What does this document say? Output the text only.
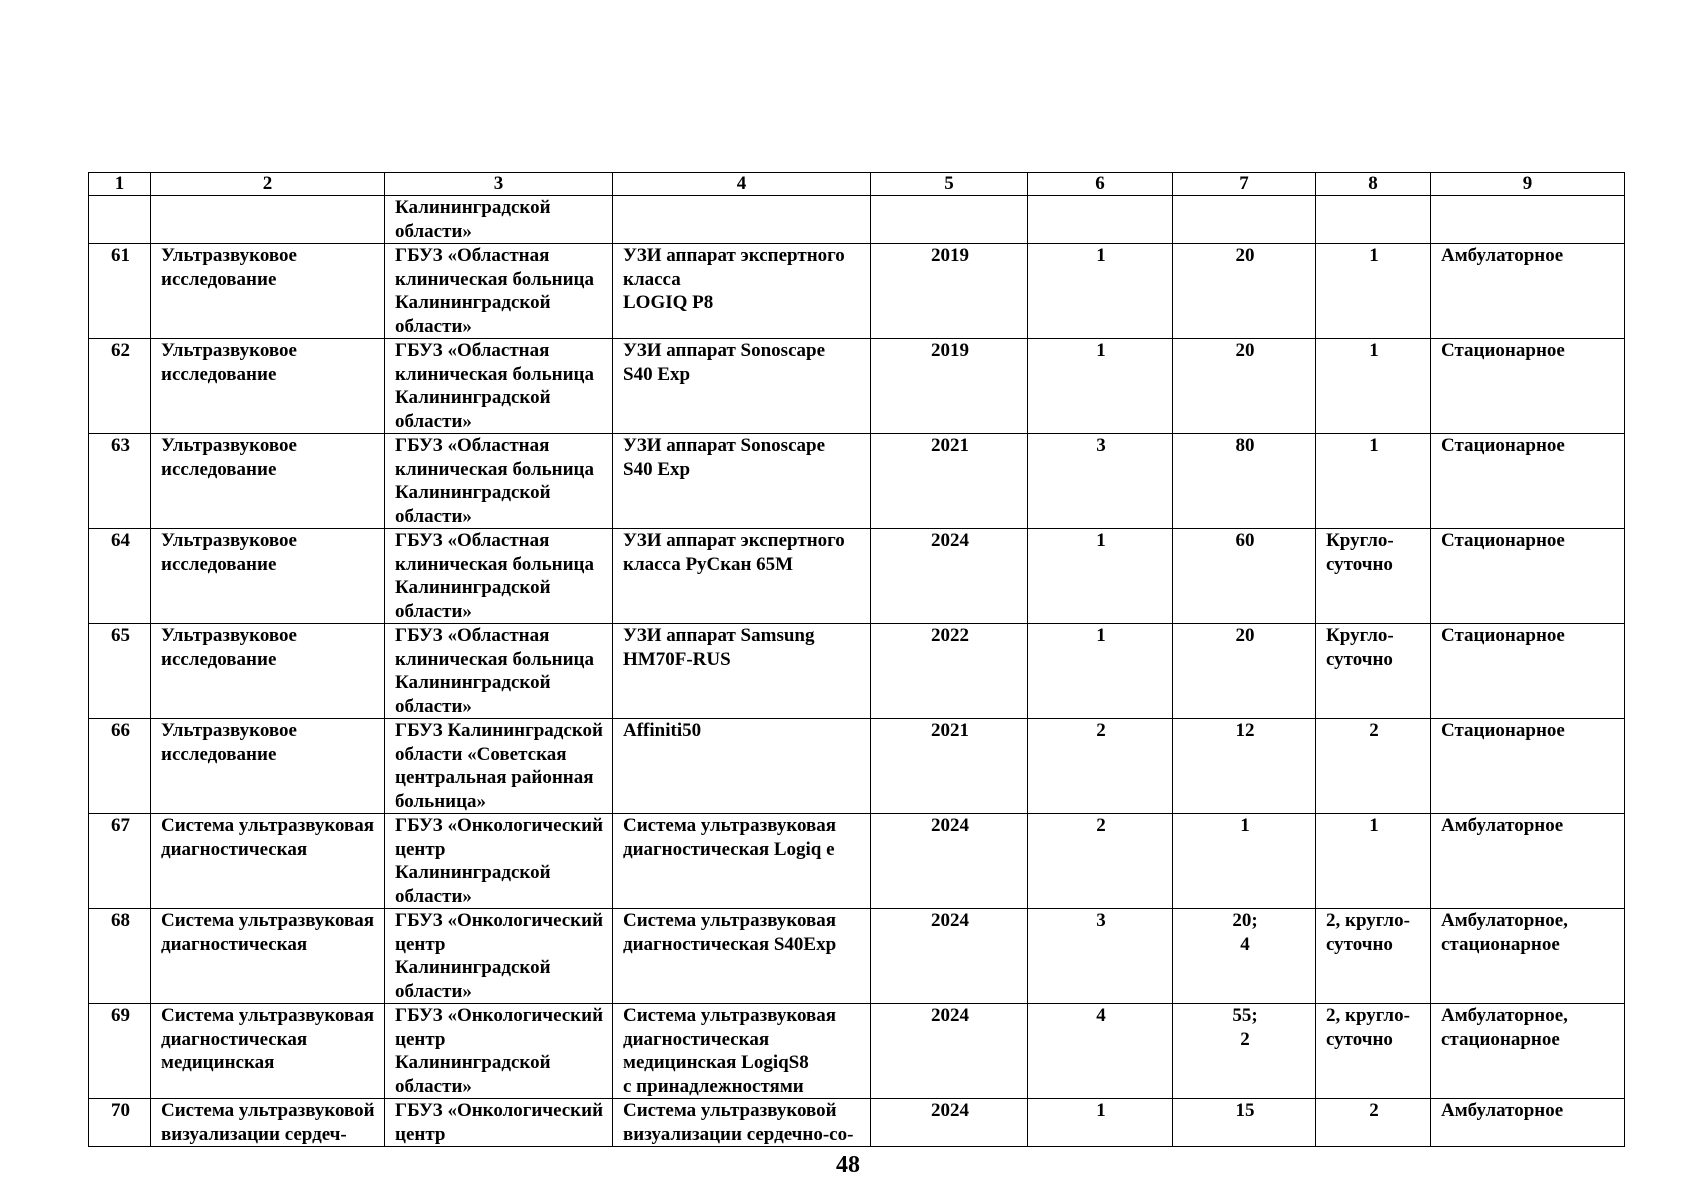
1	2	3	4	5	6	7	8	9
		Калининградской
области»						
61	Ультразвуковое
исследование	ГБУЗ «Областная
клиническая больница
Калининградской
области»	УЗИ аппарат экспертного
класса
LOGIQ P8	2019	1	20	1	Амбулаторное
62	Ультразвуковое
исследование	ГБУЗ «Областная
клиническая больница
Калининградской
области»	УЗИ аппарат Sonoscape
S40 Exp	2019	1	20	1	Стационарное
63	Ультразвуковое
исследование	ГБУЗ «Областная
клиническая больница
Калининградской
области»	УЗИ аппарат Sonoscape
S40 Exp	2021	3	80	1	Стационарное
64	Ультразвуковое
исследование	ГБУЗ «Областная
клиническая больница
Калининградской
области»	УЗИ аппарат экспертного
класса РуСкан 65М	2024	1	60	Кругло-
суточно	Стационарное
65	Ультразвуковое
исследование	ГБУЗ «Областная
клиническая больница
Калининградской
области»	УЗИ аппарат Samsung
HM70F-RUS	2022	1	20	Кругло-
суточно	Стационарное
66	Ультразвуковое
исследование	ГБУЗ Калининградской
области «Советская
центральная районная
больница»	Affiniti50	2021	2	12	2	Стационарное
67	Система ультразвуковая
диагностическая	ГБУЗ «Онкологический
центр
Калининградской
области»	Система ультразвуковая
диагностическая Logiq e	2024	2	1	1	Амбулаторное
68	Система ультразвуковая
диагностическая	ГБУЗ «Онкологический
центр
Калининградской
области»	Система ультразвуковая
диагностическая S40Exp	2024	3	20;
4	2, кругло-
суточно	Амбулаторное,
стационарное
69	Система ультразвуковая
диагностическая
медицинская	ГБУЗ «Онкологический
центр
Калининградской
области»	Система ультразвуковая
диагностическая
медицинская LogiqS8
с принадлежностями	2024	4	55;
2	2, кругло-
суточно	Амбулаторное,
стационарное
70	Система ультразвуковой
визуализации сердеч-	ГБУЗ «Онкологический
центр	Система ультразвуковой
визуализации сердечно-со-	2024	1	15	2	Амбулаторное
48
